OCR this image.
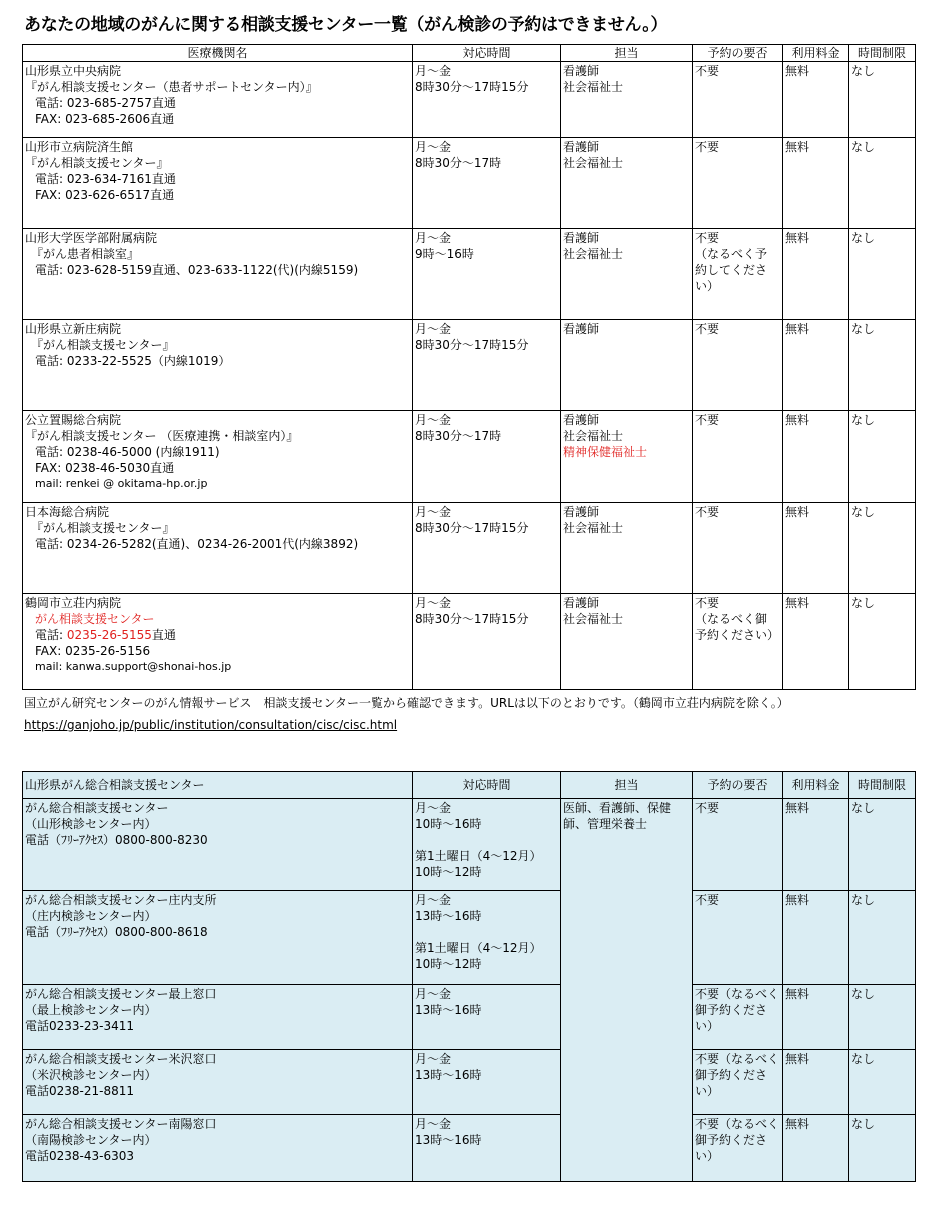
あなたの地域のがんに関する相談支援センター一覧（がん検診の予約はできません。）
医療機関名	対応時間	担当	予約の要否	利用料金	時間制限

山形県立中央病院
『がん相談支援センター（患者サポートセンター内）』
電話: 023-685-2757直通
FAX: 023-685-2606直通	月～金
8時30分～17時15分	看護師
社会福祉士	不要	無料	なし

山形市立病院済生館
『がん相談支援センター』
電話: 023-634-7161直通
FAX: 023-626-6517直通	月～金
8時30分～17時	看護師
社会福祉士	不要	無料	なし

山形大学医学部附属病院
『がん患者相談室』
電話: 023-628-5159直通、023-633-1122(代)(内線5159)	月～金
9時～16時	看護師
社会福祉士	不要
（なるべく予
約してくださ
い）	無料	なし

山形県立新庄病院
『がん相談支援センター』
電話: 0233-22-5525（内線1019）	月～金
8時30分～17時15分	看護師	不要	無料	なし

公立置賜総合病院
『がん相談支援センター （医療連携・相談室内）』
電話: 0238-46-5000 (内線1911)
FAX: 0238-46-5030直通
mail: renkei @ okitama-hp.or.jp	月～金
8時30分～17時	看護師
社会福祉士
精神保健福祉士	不要	無料	なし

日本海総合病院
『がん相談支援センター』
電話: 0234-26-5282(直通)、0234-26-2001代(内線3892)	月～金
8時30分～17時15分	看護師
社会福祉士	不要	無料	なし

鶴岡市立荘内病院
がん相談支援センター
電話: 0235-26-5155直通
FAX: 0235-26-5156
mail: kanwa.support@shonai-hos.jp	月～金
8時30分～17時15分	看護師
社会福祉士	不要
（なるべく御
予約ください）	無料	なし
国立がん研究センターのがん情報サービス　相談支援センター一覧から確認できます。URLは以下のとおりです。（鶴岡市立荘内病院を除く。）
https://ganjoho.jp/public/institution/consultation/cisc/cisc.html
山形県がん総合相談支援センター	対応時間	担当	予約の要否	利用料金	時間制限

がん総合相談支援センター
（山形検診センター内）
電話（ﾌﾘｰｱｸｾｽ）0800-800-8230	月～金
10時～16時
第1土曜日（4～12月）
10時～12時	医師、看護師、保健師、管理栄養士	不要	無料	なし

がん総合相談支援センター庄内支所
（庄内検診センター内）
電話（ﾌﾘｰｱｸｾｽ）0800-800-8618	月～金
13時～16時
第1土曜日（4～12月）
10時～12時		不要	無料	なし

がん総合相談支援センター最上窓口
（最上検診センター内）
電話0233-23-3411	月～金
13時～16時		不要（なるべく御予約ください）	無料	なし

がん総合相談支援センター米沢窓口
（米沢検診センター内）
電話0238-21-8811	月～金
13時～16時		不要（なるべく御予約ください）	無料	なし

がん総合相談支援センター南陽窓口
（南陽検診センター内）
電話0238-43-6303	月～金
13時～16時		不要（なるべく御予約ください）	無料	なし
